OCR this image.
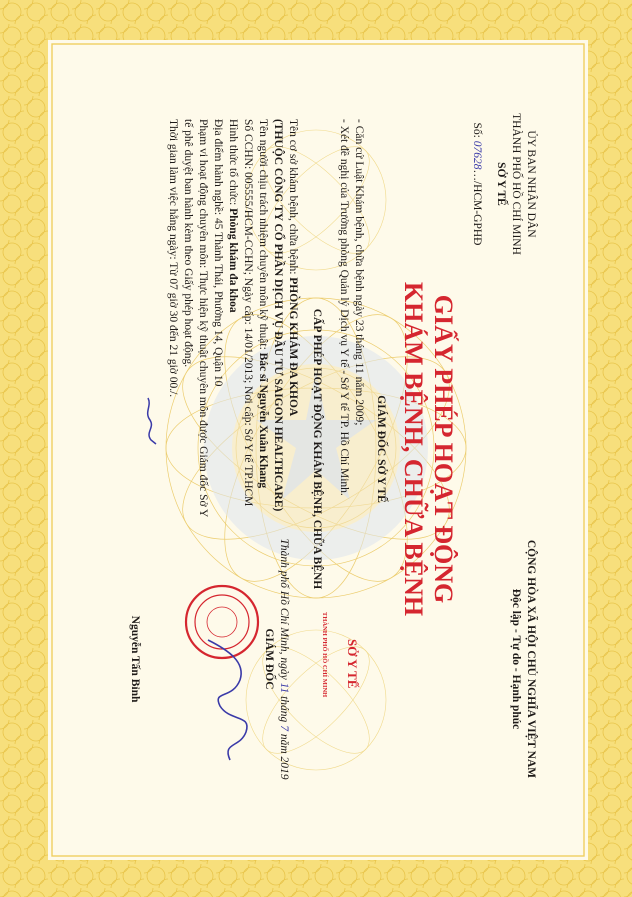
ỦY BAN NHÂN DÂN
THÀNH PHỐ HỒ CHÍ MINH
SỞ Y TẾ
Số: 07628…/HCM-GPHĐ
CỘNG HÒA XÃ HỘI CHỦ NGHĨA VIỆT NAM
Độc lập - Tự do - Hạnh phúc
GIẤY PHÉP HOẠT ĐỘNG
KHÁM BỆNH, CHỮA BỆNH
GIÁM ĐỐC SỞ Y TẾ
- Căn cứ Luật Khám bệnh, chữa bệnh ngày 23 tháng 11 năm 2009;
- Xét đề nghị của Trưởng phòng Quản lý Dịch vụ Y tế - Sở Y tế TP. Hồ Chí Minh.
CẤP PHÉP HOẠT ĐỘNG KHÁM BỆNH, CHỮA BỆNH
Tên cơ sở khám bệnh, chữa bệnh: PHÒNG KHÁM ĐA KHOA
(THUỘC CÔNG TY CỔ PHẦN DỊCH VỤ ĐẦU TƯ SAIGON HEALTHCARE)
Tên người chịu trách nhiệm chuyên môn kỹ thuật: Bác sĩ Nguyễn Xuân Khang
Số CCHN: 005555/HCM-CCHN; Ngày cấp: 14/01/2013; Nơi cấp: Sở Y tế TP.HCM
Hình thức tổ chức: Phòng khám đa khoa
Địa điểm hành nghề: 45 Thành Thái, Phường 14, Quận 10
Phạm vi hoạt động chuyên môn: Thực hiện kỹ thuật chuyên môn được Giám đốc Sở Y
tế phê duyệt ban hành kèm theo Giấy phép hoạt động.
Thời gian làm việc hằng ngày: Từ 07 giờ 30 đến 21 giờ 00./.
Thành phố Hồ Chí Minh, ngày 11 tháng 7 năm 2019
GIÁM ĐỐC	SỞ Y TẾ
THÀNH PHỐ HỒ CHÍ MINH
Nguyễn Tấn Bỉnh
